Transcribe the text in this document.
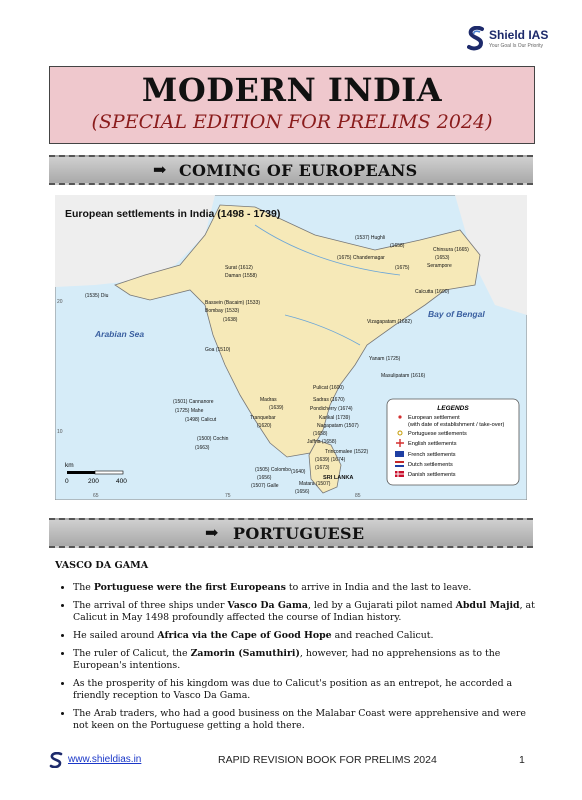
Shield IAS
Your Goal Is Our Priority
MODERN INDIA
(SPECIAL EDITION FOR PRELIMS 2024)
➡ COMING OF EUROPEANS
European settlements in India (1498 - 1739)
Arabian Sea
Bay of Bengal
(1537) Hughli
(1658)
Chinsura (1665)
(1653)
(1675) Chandernagar
Serampore
(1675)
Calcutta (1690)
Surat (1612)
Daman (1558)
(1535) Diu
Bassein (Bacaim) (1533)
Bombay (1533)
(1638)
Goa (1510)
Vizagapatam (1682)
Yanam (1725)
Masulipatam (1616)
Madras
(1639)
Pulicat (1600)
Sadras (1670)
Pondicherry (1674)
Karikal (1739)
Nagapatam (1507)
(1658)
Tranquebar
(1620)
(1501) Cannanore
(1725) Mahe
(1498) Calicut
(1500) Cochin
(1663)
Jaffna (1658)
Trincomalee (1522)
(1639) (1674)
(1673)
(1505) Colombo
(1656)
(1507) Galle
(1640)
Matara (1507)
(1656)
SRI LANKA
LEGENDS
European settlement
(with date of establishment / take-over)
Portuguese settlements
English settlements
French settlements
Dutch settlements
Danish settlements
km
0	200	400
20
10
65	75	85
➡ PORTUGUESE
VASCO DA GAMA
• The Portuguese were the first Europeans to arrive in India and the last to leave.
• The arrival of three ships under Vasco Da Gama, led by a Gujarati pilot named Abdul Majid, at Calicut in May 1498 profoundly affected the course of Indian history.
• He sailed around Africa via the Cape of Good Hope and reached Calicut.
• The ruler of Calicut, the Zamorin (Samuthiri), however, had no apprehensions as to the European's intentions.
• As the prosperity of his kingdom was due to Calicut's position as an entrepot, he accorded a friendly reception to Vasco Da Gama.
• The Arab traders, who had a good business on the Malabar Coast were apprehensive and were not keen on the Portuguese getting a hold there.
www.shieldias.in	RAPID REVISION BOOK FOR PRELIMS 2024	1
